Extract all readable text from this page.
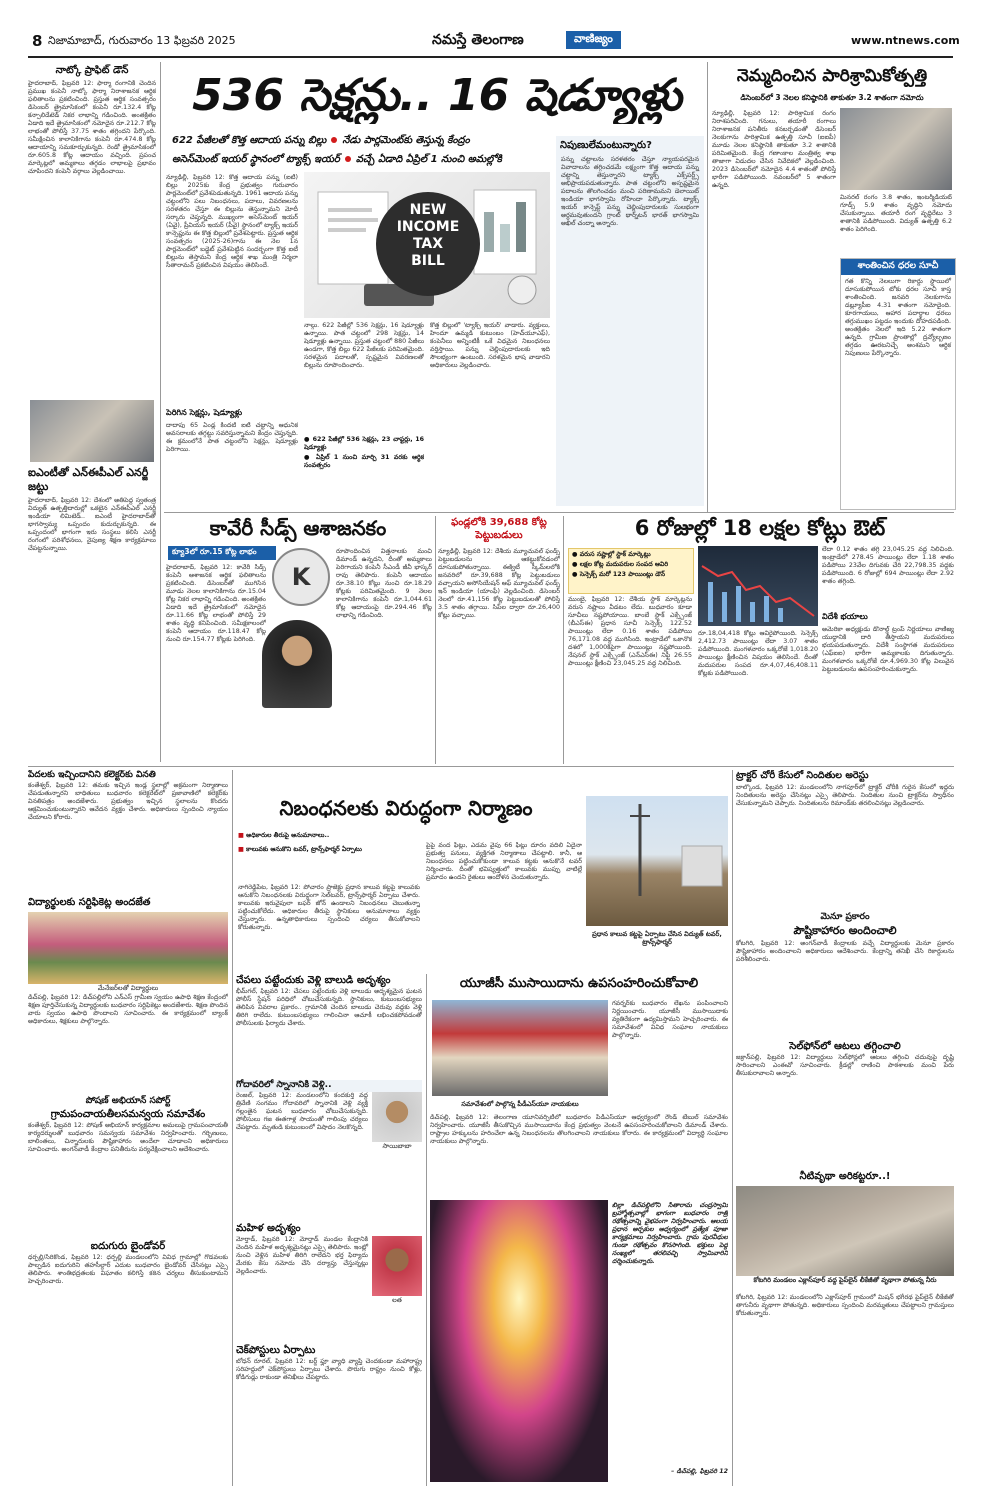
8 నిజామాబాద్, గురువారం 13 ఫిబ్రవరి 2025	నమస్తే తెలంగాణ	వాణిజ్యం	www.ntnews.com
నాట్కో ప్రాఫిట్ డౌన్
హైదరాబాద్, ఫిబ్రవరి 12: ఫార్మా రంగానికి చెందిన ప్రముఖ కంపెనీ నాట్కో ఫార్మా నిరాశాజనక ఆర్థిక ఫలితాలను ప్రకటించింది. ప్రస్తుత ఆర్థిక సంవత్సరం డిసెంబర్ త్రైమాసికంలో కంపెనీ రూ.132.4 కోట్ల కన్సాలిడేటెడ్ నికర లాభాన్ని గడించింది. అంతక్రితం ఏడాది ఇదే త్రైమాసికంలో నమోదైన రూ.212.7 కోట్ల లాభంతో పోలిస్తే 37.75 శాతం తగ్గిందని పేర్కొంది. సమీక్షించిన కాలానికిగాను కంపెనీ రూ.474.8 కోట్ల ఆదాయాన్ని సమకూర్చుకున్నది. రెండో త్రైమాసికంలో రూ.605.8 కోట్ల ఆదాయం వచ్చింది. ప్రపంచ మార్కెట్లలో అమ్మకాలు తగ్గడం లాభాలపై ప్రభావం చూపిందని కంపెనీ వర్గాలు వెల్లడించాయి.
ఐఎంటీతో ఎన్‌ఈపీఎల్ ఎనర్జీ జట్టు
హైదరాబాద్, ఫిబ్రవరి 12: దేశంలో అతిపెద్ద స్వతంత్ర విద్యుత్ ఉత్పత్తిదారుల్లో ఒకటైన ఎన్‌ఈపీఎల్ ఎనర్జీ ఇండియా లిమిటెడ్.. ఐఎంటీ హైదరాబాద్‌తో భాగస్వామ్య ఒప్పందం కుదుర్చుకున్నది. ఈ ఒప్పందంలో భాగంగా ఇరు సంస్థలు కలిసి ఎనర్జీ రంగంలో పరిశోధనలు, నైపుణ్య శిక్షణ కార్యక్రమాలు చేపట్టనున్నాయి.
536 సెక్షన్లు.. 16 షెడ్యూళ్లు
622 పేజీలతో కొత్త ఆదాయ పన్ను బిల్లు నేడు పార్లమెంట్‌కు తెస్తున్న కేంద్రం
అసెస్‌మెంట్ ఇయర్ స్థానంలో ట్యాక్స్ ఇయర్ వచ్చే ఏడాది ఏప్రిల్ 1 నుంచి అమల్లోకి
న్యూఢిల్లీ, ఫిబ్రవరి 12: కొత్త ఆదాయ పన్ను (ఐటీ) బిల్లు 2025కు కేంద్ర ప్రభుత్వం గురువారం పార్లమెంట్‌లో ప్రవేశపెడుతున్నది. 1961 ఆదాయ పన్ను చట్టంలోని పలు నిబంధనలు, పదాలు, వివరణలను సరళతరం చేస్తూ ఈ బిల్లును తెస్తున్నామని మోదీ సర్కారు చెప్తున్నది. ముఖ్యంగా అసెస్‌మెంట్ ఇయర్ (ఏవై), ప్రీవియస్ ఇయర్ (పీవై) స్థానంలో ట్యాక్స్ ఇయర్ కాన్సెప్టును ఈ కొత్త బిల్లులో ప్రవేశపెట్టారు. ప్రస్తుత ఆర్థిక సంవత్సరం (2025-26)గాను ఈ నెల 1న పార్లమెంట్‌లో బడ్జెట్ ప్రవేశపెట్టిన సందర్భంగా కొత్త ఐటీ బిల్లును తెస్తామని కేంద్ర ఆర్థిక శాఖ మంత్రి నిర్మలా సీతారామన్ ప్రకటించిన విషయం తెలిసిందే.
పెరిగిన సెక్షన్లు, షెడ్యూళ్లు
దాదాపు 65 ఏండ్ల కిందటి ఐటీ చట్టాన్ని ఆధునిక అవసరాలకు తగ్గట్టు సవరిస్తున్నామని కేంద్రం చెప్తున్నది. ఈ క్రమంలోనే పాత చట్టంలోని సెక్షన్లు, షెడ్యూళ్లు పెరిగాయి.
NEW
INCOME
TAX
BILL
నాల్గు. 622 పేజీల్లో 536 సెక్షన్లు, 16 షెడ్యూళ్లు ఉన్నాయి. పాత చట్టంలో 298 సెక్షన్లు, 14 షెడ్యూళ్లు ఉన్నాయి. ప్రస్తుత చట్టంలో 880 పేజీలు ఉండగా, కొత్త బిల్లు 622 పేజీలకు పరిమితమైంది. సరళమైన పదాలతో, స్పష్టమైన వివరణలతో బిల్లును రూపొందించారు.
● 622 పేజీల్లో 536 సెక్షన్లు, 23 చాప్టర్లు, 16 షెడ్యూళ్లు
● ఏప్రిల్ 1 నుంచి మార్చి 31 వరకు ఆర్థిక సంవత్సరం
కొత్త బిల్లులో 'ట్యాక్స్ ఇయర్' వాడారు. వ్యక్తులు, హిందూ ఉమ్మడి కుటుంబం (హెచ్‌యూఎఫ్), కంపెనీలు అన్నింటికీ ఒకే విధమైన నిబంధనలు వర్తిస్తాయి. పన్ను చెల్లింపుదారులకు ఇది సౌలభ్యంగా ఉంటుంది. సరళమైన భాష వాడారని అధికారులు వెల్లడించారు.
నిపుణులేమంటున్నారు?
పన్ను చట్టాలను సరళతరం చేస్తూ న్యాయపరమైన వివాదాలను తగ్గించడమే లక్ష్యంగా కొత్త ఆదాయ పన్ను చట్టాన్ని తెస్తున్నారని ట్యాక్స్ ఎక్స్‌పర్ట్స్ అభిప్రాయపడుతున్నారు. పాత చట్టంలోని అస్పష్టమైన పదాలను తొలగించడం మంచి పరిణామమని డెలాయిట్ ఇండియా భాగస్వామి రోహిందా పేర్కొన్నారు. ట్యాక్స్ ఇయర్ కాన్సెప్ట్ పన్ను చెల్లింపుదారులకు సులభంగా అర్థమవుతుందని గ్రాంట్ థార్న్‌టన్ భారత్ భాగస్వామి అఖిల్ చంద్నా అన్నారు.
నెమ్మదించిన పారిశ్రామికోత్పత్తి
డిసెంబర్‌లో 3 నెలల కనిష్ఠానికి తాకుతూ 3.2 శాతంగా నమోదు
న్యూఢిల్లీ, ఫిబ్రవరి 12: పారిశ్రామిక రంగం నిరాశపరిచింది. గనులు, తయారీ రంగాలు నిరాశాజనక పనితీరు కనబర్చడంతో డిసెంబర్ నెలకుగాను పారిశ్రామిక ఉత్పత్తి సూచీ (ఐఐపీ) మూడు నెలల కనిష్ఠానికి తాకుతూ 3.2 శాతానికి పరిమితమైంది. కేంద్ర గణాంకాల మంత్రిత్వ శాఖ తాజాగా విడుదల చేసిన నివేదికలో వెల్లడించింది. 2023 డిసెంబర్‌లో నమోదైన 4.4 శాతంతో పోలిస్తే భారీగా పడిపోయింది. నవంబర్‌లో 5 శాతంగా ఉన్నది.
మినరల్ రంగం 3.8 శాతం, ఇంటర్మీడియట్ గూడ్స్ 5.9 శాతం వృద్ధిని నమోదు చేసుకున్నాయి. తయారీ రంగ వృద్ధిరేటు 3 శాతానికి పడిపోయింది. విద్యుత్ ఉత్పత్తి 6.2 శాతం పెరిగింది.
శాంతించిన ధరల సూచీ
గత కొన్ని నెలలుగా రికార్డు స్థాయిలో దూసుకుపోయిన టోకు ధరల సూచీ కాస్త శాంతించింది. జనవరి నెలకుగాను డబ్ల్యూపీఐ 4.31 శాతంగా నమోదైంది. కూరగాయలు, ఆహార పదార్థాల ధరలు తగ్గుముఖం పట్టడం ఇందుకు దోహదపడింది. అంతక్రితం నెలలో ఇది 5.22 శాతంగా ఉన్నది. గ్రామీణ ప్రాంతాల్లో ద్రవ్యోల్బణం తగ్గడం ఊరటనిచ్చే అంశమని ఆర్థిక నిపుణులు పేర్కొన్నారు.
కావేరీ సీడ్స్ ఆశాజనకం
క్యూ3లో రూ.15 కోట్ల లాభం
హైదరాబాద్, ఫిబ్రవరి 12: కావేరీ సీడ్స్ కంపెనీ ఆశాజనక ఆర్థిక ఫలితాలను ప్రకటించింది. డిసెంబర్‌తో ముగిసిన మూడు నెలల కాలానికిగాను రూ.15.04 కోట్ల నికర లాభాన్ని గడించింది. అంతక్రితం ఏడాది ఇదే త్రైమాసికంలో నమోదైన రూ.11.66 కోట్ల లాభంతో పోలిస్తే 29 శాతం వృద్ధి కనిపించింది. సమీక్షకాలంలో కంపెనీ ఆదాయం రూ.118.47 కోట్ల నుంచి రూ.154.77 కోట్లకు పెరిగింది.
K
రూపొందించిన విత్తనాలకు మంచి డిమాండ్ ఉన్నదని, దీంతో అమ్మకాలు పెరిగాయని కంపెనీ సీఎండీ జీవీ భాస్కర్ రావు తెలిపారు. కంపెనీ ఆదాయం రూ.38.10 కోట్లు నుంచి రూ.18.29 కోట్లకు పరిమితమైంది. 9 నెలల కాలానికిగాను కంపెనీ రూ.1,044.61 కోట్ల ఆదాయంపై రూ.294.46 కోట్ల లాభాన్ని గడించింది.
ఫండ్లలోకి 39,688 కోట్ల పెట్టుబడులు
న్యూఢిల్లీ, ఫిబ్రవరి 12: దేశీయ మ్యూచువల్ ఫండ్స్ పెట్టుబడులను ఆకట్టుకోవడంలో దూసుకుపోతున్నాయి. ఈక్విటీ స్కీమ్‌లలోకి జనవరిలో రూ.39,688 కోట్ల పెట్టుబడులు వచ్చాయని అసోసియేషన్ ఆఫ్ మ్యూచువల్ ఫండ్స్ ఇన్ ఇండియా (యాంఫీ) వెల్లడించింది. డిసెంబర్ నెలలో రూ.41,156 కోట్ల పెట్టుబడులతో పోలిస్తే 3.5 శాతం తగ్గాయి. సిప్‌ల ద్వారా రూ.26,400 కోట్లు వచ్చాయి.
6 రోజుల్లో 18 లక్షల కోట్లు ఔట్
● వరుస నష్టాల్లో స్టాక్ మార్కెట్లు
● లక్షల కోట్ల మదుపరుల సంపద ఆవిరి
● సెన్సెక్స్ మరో 123 పాయింట్లు డౌన్
ముంబై, ఫిబ్రవరి 12: దేశీయ స్టాక్ మార్కెట్లను వరుస నష్టాలు వీడటం లేదు. బుధవారం కూడా సూచీలు నష్టపోయాయి. బాంబే స్టాక్ ఎక్స్చేంజ్ (బీఎస్‌ఈ) ప్రధాన సూచీ సెన్సెక్స్ 122.52 పాయింట్లు లేదా 0.16 శాతం పడిపోయి 76,171.08 వద్ద ముగిసింది. ఇంట్రాడేలో ఒకానొక దశలో 1,000కిపైగా పాయింట్లు నష్టపోయింది. నేషనల్ స్టాక్ ఎక్స్చేంజ్ (ఎన్‌ఎస్‌ఈ) నిఫ్టీ 26.55 పాయింట్లు క్షీణించి 23,045.25 వద్ద నిలిచింది.
రూ.18,04,418 కోట్లు ఆవిరైపోయింది. సెన్సెక్స్ 2,412.73 పాయింట్లు లేదా 3.07 శాతం పడిపోయింది. మంగళవారం ఒక్కరోజే 1,018.20 పాయింట్లు క్షీణించిన విషయం తెలిసిందే. దీంతో మదుపరుల సంపద రూ.4,07,46,408.11 కోట్లకు పడిపోయింది.
లేదా 0.12 శాతం తగ్గి 23,045.25 వద్ద నిలిచింది. ఇంట్రాడేలో 278.45 పాయింట్లు లేదా 1.18 శాతం పడిపోయి 23వేల దిగువకు చేరి 22,798.35 వద్దకు పడిపోయింది. 6 రోజుల్లో 694 పాయింట్లు లేదా 2.92 శాతం తగ్గింది.
విదేశీ భయాలు
అమెరికా అధ్యక్షుడు డొనాల్డ్ ట్రంప్ నిర్ణయాలు వాణిజ్య యుద్ధానికి దారి తీస్తాయని మదుపరులు భయపడుతున్నారు. విదేశీ సంస్థాగత మదుపరులు (ఎఫ్ఐఐ) భారీగా అమ్మకాలకు దిగుతున్నారు. మంగళవారం ఒక్కరోజే రూ.4,969.30 కోట్ల విలువైన పెట్టుబడులను ఉపసంహరించుకున్నారు.
పేదలకు ఇచ్చిందానిని కలెక్టర్‌కు వినతి
కంతేశ్వర్, ఫిబ్రవరి 12: తమకు ఇచ్చిన ఇండ్ల స్థలాల్లో అక్రమంగా నిర్మాణాలు చేపడుతున్నారని బాధితులు బుధవారం కలెక్టరేట్‌లో ప్రజావాణిలో కలెక్టర్‌కు వినతిపత్రం అందజేశారు. ప్రభుత్వం ఇచ్చిన స్థలాలను కొందరు ఆక్రమించుకుంటున్నారని ఆవేదన వ్యక్తం చేశారు. అధికారులు స్పందించి న్యాయం చేయాలని కోరారు.
విద్యార్థులకు సర్టిఫికెట్ల అందజేత
మేనేజర్‌లతో విద్యార్థులు
డిచ్‌పల్లి, ఫిబ్రవరి 12: డిచ్‌పల్లిలోని ఎన్ఎస్ గ్రామీణ స్వయం ఉపాధి శిక్షణ కేంద్రంలో శిక్షణ పూర్తిచేసుకున్న విద్యార్థులకు బుధవారం సర్టిఫికెట్లు అందజేశారు. శిక్షణ పొందిన వారు స్వయం ఉపాధి పొందాలని సూచించారు. ఈ కార్యక్రమంలో బ్యాంక్ అధికారులు, శిక్షకులు పాల్గొన్నారు.
పోషణ్ అభియాన్ సపోర్ట్
గ్రామపంచాయతీలసమన్వయ సమావేశం
కంతేశ్వర్, ఫిబ్రవరి 12: పోషణ్ అభియాన్ కార్యక్రమాల అమలుపై గ్రామపంచాయతీ కార్యదర్శులతో బుధవారం సమన్వయ సమావేశం నిర్వహించారు. గర్భిణులు, బాలింతలు, చిన్నారులకు పౌష్టికాహారం అందేలా చూడాలని అధికారులు సూచించారు. అంగన్‌వాడీ కేంద్రాల పనితీరును పర్యవేక్షించాలని ఆదేశించారు.
ఐదుగురు బైండోవర్
ధర్పల్లి/సిరికొండ, ఫిబ్రవరి 12: ధర్పల్లి మండలంలోని వివిధ గ్రామాల్లో గొడవలకు పాల్పడిన ఐదుగురిని తహసీల్దార్ ఎదుట బుధవారం బైండోవర్ చేసినట్లు ఎస్సై తెలిపారు. శాంతిభద్రతలకు విఘాతం కలిగిస్తే కఠిన చర్యలు తీసుకుంటామని హెచ్చరించారు.
నిబంధనలకు విరుద్ధంగా నిర్మాణం
■ అధికారుల తీరుపై అనుమానాలు..
■ కాలువకు ఆనుకొని టవర్, ట్రాన్స్‌ఫార్మర్ ఏర్పాటు
నాగిరెడ్డిపేట, ఫిబ్రవరి 12: పోచారం ప్రాజెక్టు ప్రధాన కాలువ కట్టపై కాలువకు ఆనుకొని నిబంధనలకు విరుద్ధంగా సెల్‌టవర్, ట్రాన్స్‌ఫార్మర్ ఏర్పాటు చేశారు. కాలువకు ఇరువైపులా బఫర్ జోన్ ఉండాలని నిబంధనలు చెబుతున్నా పట్టించుకోలేదు. అధికారుల తీరుపై స్థానికులు అనుమానాలు వ్యక్తం చేస్తున్నారు. ఉన్నతాధికారులు స్పందించి చర్యలు తీసుకోవాలని కోరుతున్నారు.
పైపై వంద ఫీట్లు, ఎడమ వైపు 66 ఫీట్లు దూరం వదిలి ఏదైనా ప్రభుత్వ పనులు, వ్యక్తిగత నిర్మాణాలు చేపట్టాలి. కానీ, ఆ నిబంధనలు పట్టించుకోకుండా కాలువ కట్టకు ఆనుకొనే టవర్ నిర్మించారు. దీంతో భవిష్యత్తులో కాలువకు ముప్పు వాటిల్లే ప్రమాదం ఉందని రైతులు ఆందోళన చెందుతున్నారు.
ప్రధాన కాలువ కట్టపై ఏర్పాటు చేసిన విద్యుత్ టవర్, ట్రాన్స్‌ఫార్మర్
చేపలు పట్టేందుకు వెళ్లి బాలుడి అదృశ్యం
భీమ్‌గల్, ఫిబ్రవరి 12: చేపలు పట్టేందుకు వెళ్లి బాలుడు అదృశ్యమైన ఘటన పోలీస్ స్టేషన్ పరిధిలో చోటుచేసుకున్నది. స్థానికులు, కుటుంబసభ్యులు తెలిపిన వివరాల ప్రకారం.. గ్రామానికి చెందిన బాలుడు చెరువు వద్దకు వెళ్లి తిరిగి రాలేదు. కుటుంబసభ్యులు గాలించినా ఆచూకీ లభించకపోవడంతో పోలీసులకు ఫిర్యాదు చేశారు.
గోదావరిలో స్నానానికి వెళ్లి..
రెంజల్, ఫిబ్రవరి 12: మండలంలోని కందకుర్తి వద్ద త్రివేణి సంగమం గోదావరిలో స్నానానికి వెళ్లి వ్యక్తి గల్లంతైన ఘటన బుధవారం చోటుచేసుకున్నది. పోలీసులు గజ ఈతగాళ్ల సాయంతో గాలింపు చర్యలు చేపట్టారు. మృతుడి కుటుంబంలో విషాదం నెలకొన్నది.
సాయిబాబా
మహిళ అదృశ్యం
మోర్తాడ్, ఫిబ్రవరి 12: మోర్తాడ్ మండల కేంద్రానికి చెందిన మహిళ అదృశ్యమైనట్లు ఎస్సై తెలిపారు. ఇంట్లో నుంచి వెళ్లిన మహిళ తిరిగి రాలేదని భర్త ఫిర్యాదు మేరకు కేసు నమోదు చేసి దర్యాప్తు చేస్తున్నట్లు వెల్లడించారు.
లత
చెక్‌పోస్టులు ఏర్పాటు
బోధన్ రూరల్, ఫిబ్రవరి 12: బర్డ్ ఫ్లూ వ్యాధి వ్యాప్తి చెందకుండా మహారాష్ట్ర సరిహద్దులో చెక్‌పోస్టులు ఏర్పాటు చేశారు. పొరుగు రాష్ట్రం నుంచి కోళ్లు, కోడిగుడ్లు రాకుండా తనిఖీలు చేపట్టారు.
యూజీసీ ముసాయిదాను ఉపసంహరించుకోవాలి
సమావేశంలో పాల్గొన్న పీడీఎస్‌యూ నాయకులు
డిచ్‌పల్లి, ఫిబ్రవరి 12: తెలంగాణ యూనివర్సిటీలో బుధవారం పీడీఎస్‌యూ ఆధ్వర్యంలో రౌండ్ టేబుల్ సమావేశం నిర్వహించారు. యూజీసీ తీసుకొచ్చిన ముసాయిదాను కేంద్ర ప్రభుత్వం వెంటనే ఉపసంహరించుకోవాలని డిమాండ్ చేశారు. రాష్ట్రాల హక్కులను హరించేలా ఉన్న నిబంధనలను తొలగించాలని నాయకులు కోరారు. ఈ కార్యక్రమంలో విద్యార్థి సంఘాల నాయకులు పాల్గొన్నారు.
గవర్నర్‌కు బుధవారం లేఖను పంపించాలని నిర్ణయించారు. యూజీసీ ముసాయిదాకు వ్యతిరేకంగా ఉద్యమిస్తామని హెచ్చరించారు. ఈ సమావేశంలో వివిధ సంఘాల నాయకులు పాల్గొన్నారు.
బిల్లా డిచ్‌పల్లిలోని సీతారామ చంద్రస్వామి బ్రహ్మోత్సవాల్లో భాగంగా బుధవారం రాత్రి రథోత్సవాన్ని వైభవంగా నిర్వహించారు. ఆలయ ప్రధాన అర్చకుల ఆధ్వర్యంలో ప్రత్యేక పూజా కార్యక్రమాలు నిర్వహించారు. గ్రామ పురవీధుల గుండా రథోత్సవం కొనసాగింది. భక్తులు పెద్ద సంఖ్యలో తరలివచ్చి స్వామివారిని దర్శించుకున్నారు.
– డిచ్‌పల్లి, ఫిబ్రవరి 12
ట్రాక్టర్ చోరీ కేసులో నిందితుల అరెస్టు
బాల్కొండ, ఫిబ్రవరి 12: మండలంలోని నాగపూర్‌లో ట్రాక్టర్ చోరీకి గురైన కేసులో ఇద్దరు నిందితులను అరెస్టు చేసినట్లు ఎస్సై తెలిపారు. నిందితుల నుంచి ట్రాక్టర్‌ను స్వాధీనం చేసుకున్నామని చెప్పారు. నిందితులను రిమాండ్‌కు తరలించినట్లు వెల్లడించారు.
మెనూ ప్రకారం
పౌష్టికాహారం అందించాలి
కోటగిరి, ఫిబ్రవరి 12: అంగన్‌వాడీ కేంద్రాలకు వచ్చే విద్యార్థులకు మెనూ ప్రకారం పౌష్టికాహారం అందించాలని అధికారులు ఆదేశించారు. కేంద్రాన్ని తనిఖీ చేసి రికార్డులను పరిశీలించారు.
సెల్‌ఫోన్‌లో ఆటలు తగ్గించాలి
జక్రాన్‌పల్లి, ఫిబ్రవరి 12: విద్యార్థులు సెల్‌ఫోన్లలో ఆటలు తగ్గించి చదువుపై దృష్టి సారించాలని ఎంఈవో సూచించారు. క్రీడల్లో రాణించి పాఠశాలకు మంచి పేరు తీసుకురావాలని అన్నారు.
నీటివృథా అరికట్టరూ..!
కోటగిరి మండలం ఎక్లాస్‌పూర్ వద్ద పైప్‌లైన్ లీకేజీతో వృథాగా పోతున్న నీరు
కోటగిరి, ఫిబ్రవరి 12: మండలంలోని ఎక్లాస్‌పూర్ గ్రామంలో మిషన్ భగీరథ పైప్‌లైన్ లీకేజీతో తాగునీరు వృథాగా పోతున్నది. అధికారులు స్పందించి మరమ్మతులు చేపట్టాలని గ్రామస్తులు కోరుతున్నారు.
